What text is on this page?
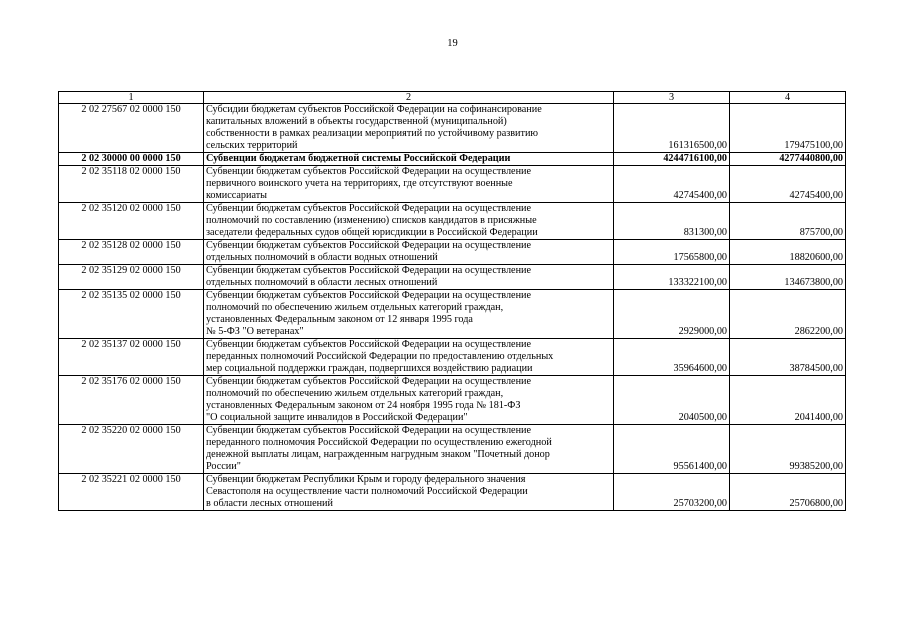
19
1	2	3	4
2 02 27567 02 0000 150	Субсидии бюджетам субъектов Российской Федерации на софинансирование
капитальных вложений в объекты государственной (муниципальной)
собственности в рамках реализации мероприятий по устойчивому развитию
сельских территорий	161316500,00	179475100,00
2 02 30000 00 0000 150	Субвенции бюджетам бюджетной системы Российской Федерации	4244716100,00	4277440800,00
2 02 35118 02 0000 150	Субвенции бюджетам субъектов Российской Федерации на осуществление
первичного воинского учета на территориях, где отсутствуют военные
комиссариаты	42745400,00	42745400,00
2 02 35120 02 0000 150	Субвенции бюджетам субъектов Российской Федерации на осуществление
полномочий по составлению (изменению) списков кандидатов в присяжные
заседатели федеральных судов общей юрисдикции в Российской Федерации	831300,00	875700,00
2 02 35128 02 0000 150	Субвенции бюджетам субъектов Российской Федерации на осуществление
отдельных полномочий в области водных отношений	17565800,00	18820600,00
2 02 35129 02 0000 150	Субвенции бюджетам субъектов Российской Федерации на осуществление
отдельных полномочий в области лесных отношений	133322100,00	134673800,00
2 02 35135 02 0000 150	Субвенции бюджетам субъектов Российской Федерации на осуществление
полномочий по обеспечению жильем отдельных категорий граждан,
установленных Федеральным законом от 12 января 1995 года
№ 5-ФЗ "О ветеранах"	2929000,00	2862200,00
2 02 35137 02 0000 150	Субвенции бюджетам субъектов Российской Федерации на осуществление
переданных полномочий Российской Федерации по предоставлению отдельных
мер социальной поддержки граждан, подвергшихся воздействию радиации	35964600,00	38784500,00
2 02 35176 02 0000 150	Субвенции бюджетам субъектов Российской Федерации на осуществление
полномочий по обеспечению жильем отдельных категорий граждан,
установленных Федеральным законом от 24 ноября 1995 года № 181-ФЗ
"О социальной защите инвалидов в Российской Федерации"	2040500,00	2041400,00
2 02 35220 02 0000 150	Субвенции бюджетам субъектов Российской Федерации на осуществление
переданного полномочия Российской Федерации по осуществлению ежегодной
денежной выплаты лицам, награжденным нагрудным знаком "Почетный донор
России"	95561400,00	99385200,00
2 02 35221 02 0000 150	Субвенции бюджетам Республики Крым и городу федерального значения
Севастополя на осуществление части полномочий Российской Федерации
в области лесных отношений	25703200,00	25706800,00
